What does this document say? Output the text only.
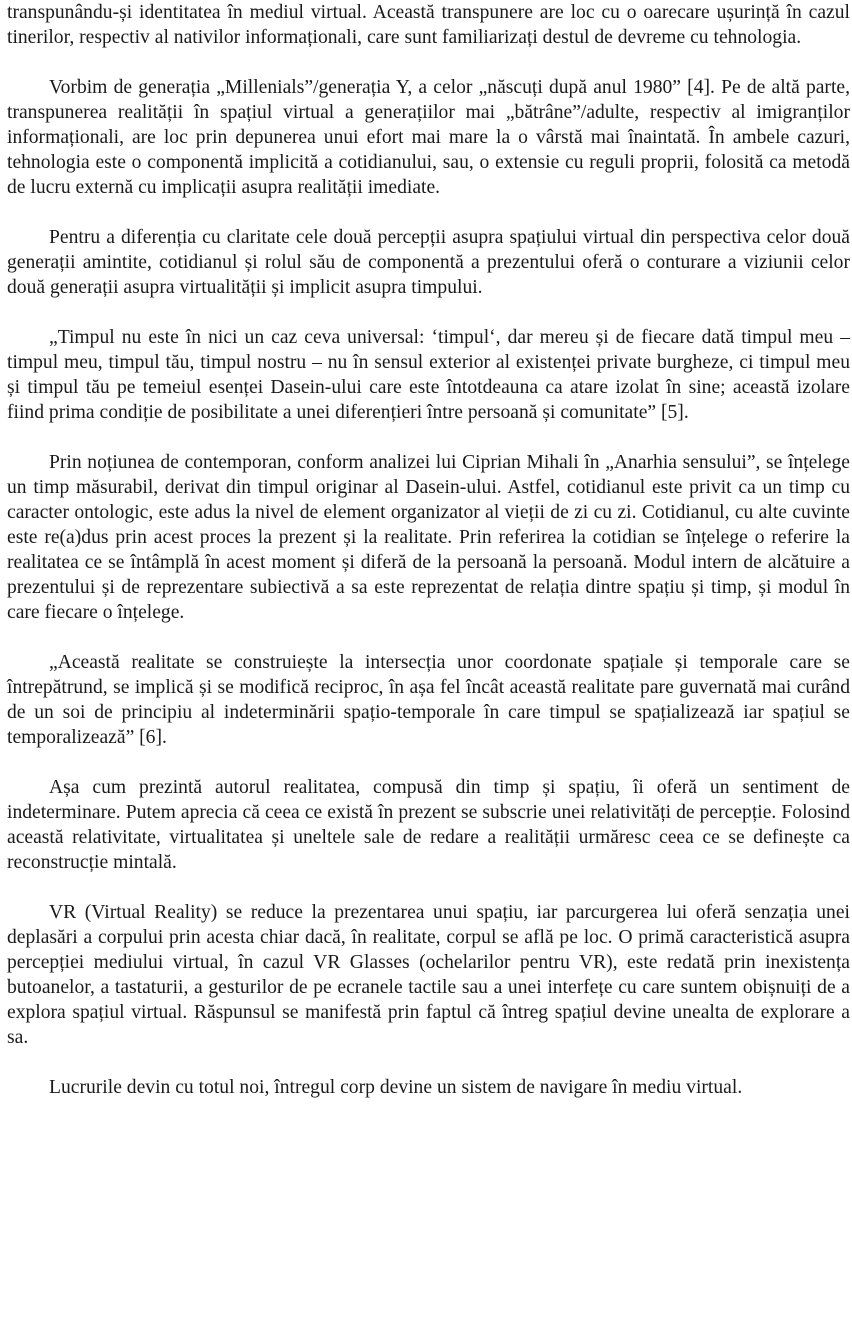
transpunându-și identitatea în mediul virtual. Această transpunere are loc cu o oarecare ușurință în cazul tinerilor, respectiv al nativilor informaționali, care sunt familiarizați destul de devreme cu tehnologia.

Vorbim de generația „Millenials”/generația Y, a celor „născuți după anul 1980” [4]. Pe de altă parte, transpunerea realității în spațiul virtual a generațiilor mai „bătrâne”/adulte, respectiv al imigranților informaționali, are loc prin depunerea unui efort mai mare la o vârstă mai înaintată. În ambele cazuri, tehnologia este o componentă implicită a cotidianului, sau, o extensie cu reguli proprii, folosită ca metodă de lucru externă cu implicații asupra realității imediate.

Pentru a diferenția cu claritate cele două percepții asupra spațiului virtual din perspectiva celor două generații amintite, cotidianul și rolul său de componentă a prezentului oferă o conturare a viziunii celor două generații asupra virtualității și implicit asupra timpului.

„Timpul nu este în nici un caz ceva universal: ‘timpul‘, dar mereu și de fiecare dată timpul meu – timpul meu, timpul tău, timpul nostru – nu în sensul exterior al existenței private burgheze, ci timpul meu și timpul tău pe temeiul esenței Dasein-ului care este întotdeauna ca atare izolat în sine; această izolare fiind prima condiție de posibilitate a unei diferențieri între persoană și comunitate” [5].

Prin noțiunea de contemporan, conform analizei lui Ciprian Mihali în „Anarhia sensului”, se înțelege un timp măsurabil, derivat din timpul originar al Dasein-ului. Astfel, cotidianul este privit ca un timp cu caracter ontologic, este adus la nivel de element organizator al vieții de zi cu zi. Cotidianul, cu alte cuvinte este re(a)dus prin acest proces la prezent și la realitate. Prin referirea la cotidian se înțelege o referire la realitatea ce se întâmplă în acest moment și diferă de la persoană la persoană. Modul intern de alcătuire a prezentului și de reprezentare subiectivă a sa este reprezentat de relația dintre spațiu și timp, și modul în care fiecare o înțelege.

„Această realitate se construiește la intersecția unor coordonate spațiale și temporale care se întrepătrund, se implică și se modifică reciproc, în așa fel încât această realitate pare guvernată mai curând de un soi de principiu al indeterminării spațio-temporale în care timpul se spațializează iar spațiul se temporalizează” [6].

Așa cum prezintă autorul realitatea, compusă din timp și spațiu, îi oferă un sentiment de indeterminare. Putem aprecia că ceea ce există în prezent se subscrie unei relativități de percepție. Folosind această relativitate, virtualitatea și uneltele sale de redare a realității urmăresc ceea ce se definește ca reconstrucție mintală.

VR (Virtual Reality) se reduce la prezentarea unui spațiu, iar parcurgerea lui oferă senzația unei deplasări a corpului prin acesta chiar dacă, în realitate, corpul se află pe loc. O primă caracteristică asupra percepției mediului virtual, în cazul VR Glasses (ochelarilor pentru VR), este redată prin inexistența butoanelor, a tastaturii, a gesturilor de pe ecranele tactile sau a unei interfețe cu care suntem obișnuiți de a explora spațiul virtual. Răspunsul se manifestă prin faptul că întreg spațiul devine unealta de explorare a sa.

Lucrurile devin cu totul noi, întregul corp devine un sistem de navigare în mediu virtual.
